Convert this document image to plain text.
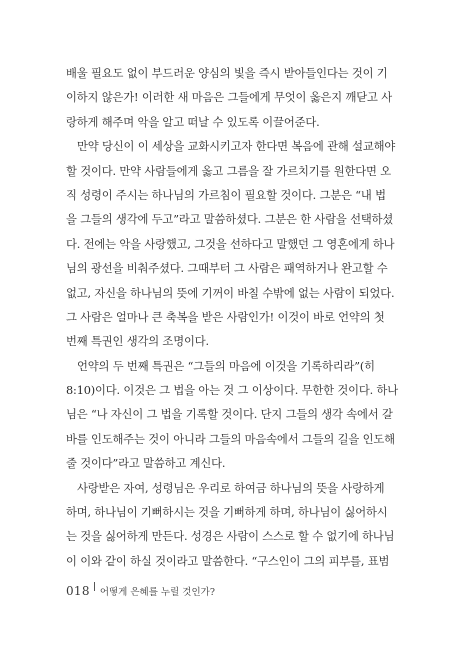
배울 필요도 없이 부드러운 양심의 빛을 즉시 받아들인다는 것이 기
이하지 않은가! 이러한 새 마음은 그들에게 무엇이 옳은지 깨닫고 사
랑하게 해주며 악을 알고 떠날 수 있도록 이끌어준다.
만약 당신이 이 세상을 교화시키고자 한다면 복음에 관해 설교해야
할 것이다. 만약 사람들에게 옳고 그름을 잘 가르치기를 원한다면 오
직 성령이 주시는 하나님의 가르침이 필요할 것이다. 그분은 “내 법
을 그들의 생각에 두고”라고 말씀하셨다. 그분은 한 사람을 선택하셨
다. 전에는 악을 사랑했고, 그것을 선하다고 말했던 그 영혼에게 하나
님의 광선을 비춰주셨다. 그때부터 그 사람은 패역하거나 완고할 수
없고, 자신을 하나님의 뜻에 기꺼이 바칠 수밖에 없는 사람이 되었다.
그 사람은 얼마나 큰 축복을 받은 사람인가! 이것이 바로 언약의 첫
번째 특권인 생각의 조명이다.
언약의 두 번째 특권은 “그들의 마음에 이것을 기록하리라”(히
8:10)이다. 이것은 그 법을 아는 것 그 이상이다. 무한한 것이다. 하나
님은 “나 자신이 그 법을 기록할 것이다. 단지 그들의 생각 속에서 갈
바를 인도해주는 것이 아니라 그들의 마음속에서 그들의 길을 인도해
줄 것이다”라고 말씀하고 계신다.
사랑받은 자여, 성령님은 우리로 하여금 하나님의 뜻을 사랑하게
하며, 하나님이 기뻐하시는 것을 기뻐하게 하며, 하나님이 싫어하시
는 것을 싫어하게 만든다. 성경은 사람이 스스로 할 수 없기에 하나님
이 이와 같이 하실 것이라고 말씀한다. “구스인이 그의 피부를, 표범
018 어떻게 은혜를 누릴 것인가?
